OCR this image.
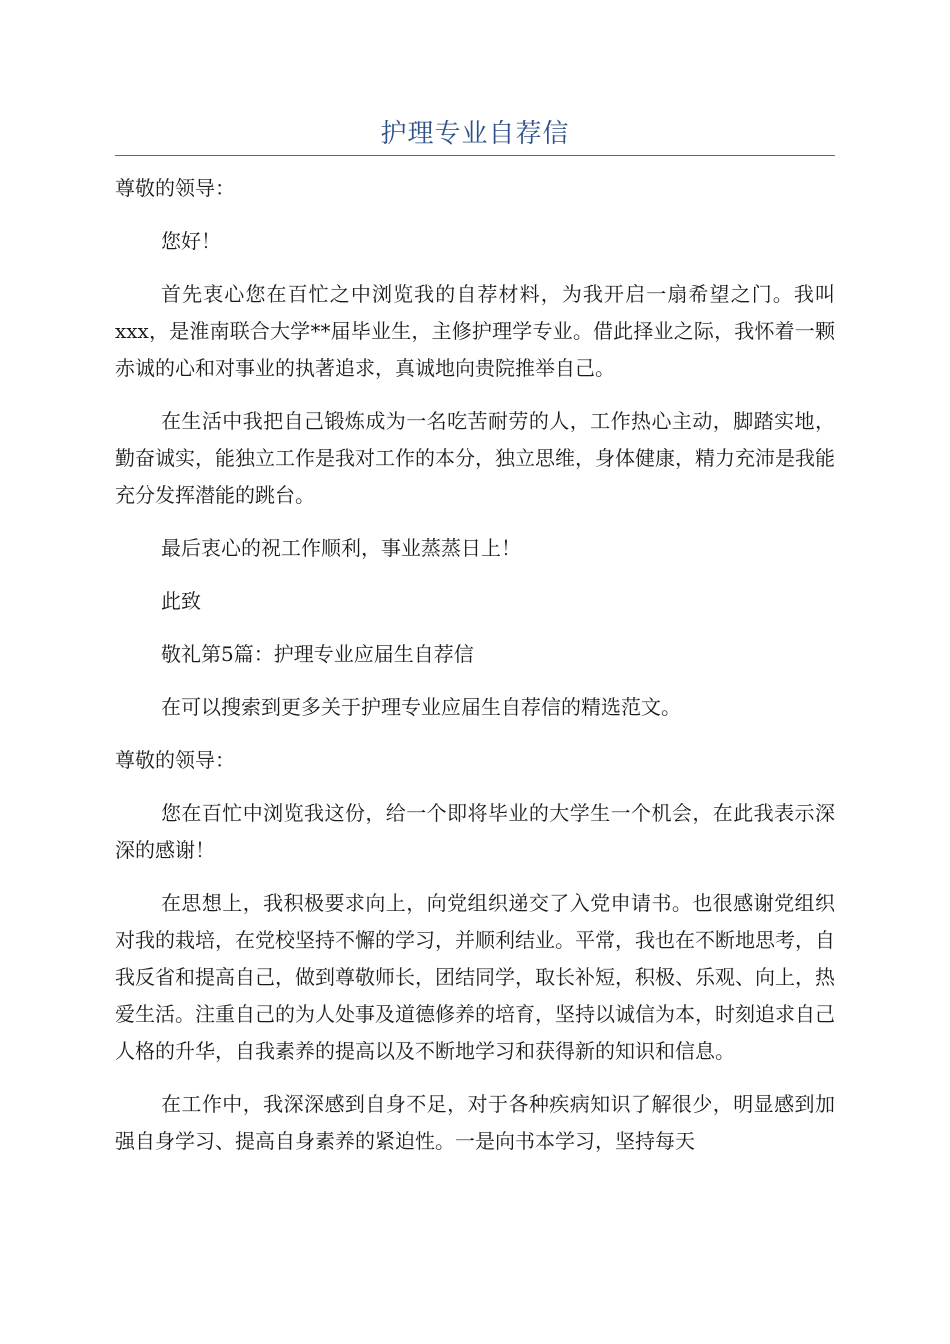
护理专业自荐信

尊敬的领导：

您好！

首先衷心您在百忙之中浏览我的自荐材料，为我开启一扇希望之门。我叫xxx，是淮南联合大学**届毕业生，主修护理学专业。借此择业之际，我怀着一颗赤诚的心和对事业的执著追求，真诚地向贵院推举自己。

在生活中我把自己锻炼成为一名吃苦耐劳的人，工作热心主动，脚踏实地，勤奋诚实，能独立工作是我对工作的本分，独立思维，身体健康，精力充沛是我能充分发挥潜能的跳台。

最后衷心的祝工作顺利，事业蒸蒸日上！

此致

敬礼第5篇：护理专业应届生自荐信

在可以搜索到更多关于护理专业应届生自荐信的精选范文。

尊敬的领导：

您在百忙中浏览我这份，给一个即将毕业的大学生一个机会，在此我表示深深的感谢！

在思想上，我积极要求向上，向党组织递交了入党申请书。也很感谢党组织对我的栽培，在党校坚持不懈的学习，并顺利结业。平常，我也在不断地思考，自我反省和提高自己，做到尊敬师长，团结同学，取长补短，积极、乐观、向上，热爱生活。注重自己的为人处事及道德修养的培育，坚持以诚信为本，时刻追求自己人格的升华，自我素养的提高以及不断地学习和获得新的知识和信息。

在工作中，我深深感到自身不足，对于各种疾病知识了解很少，明显感到加强自身学习、提高自身素养的紧迫性。一是向书本学习，坚持每天
